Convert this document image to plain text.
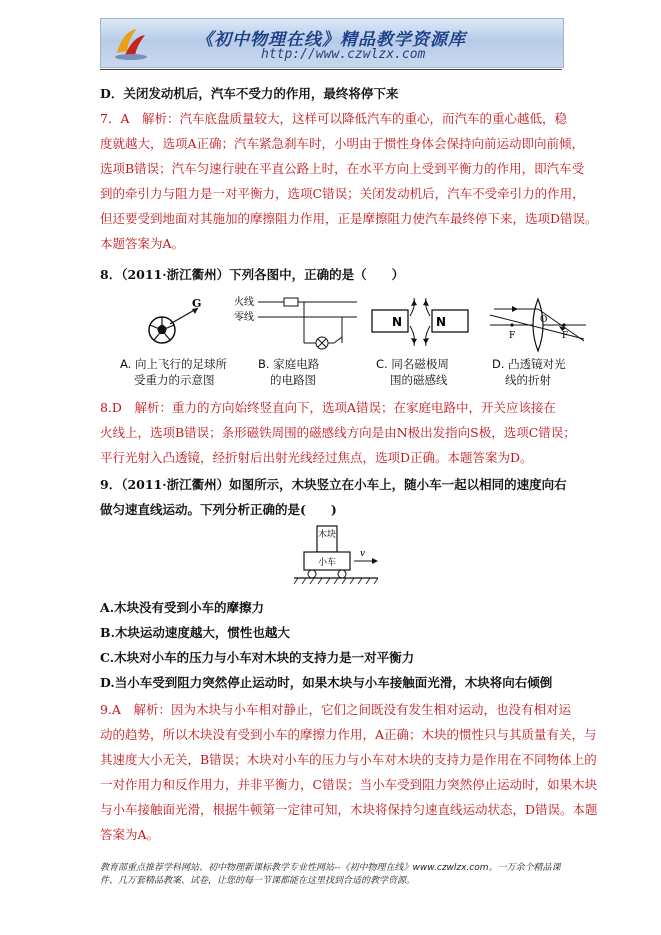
《初中物理在线》精品教学资源库
http://www.czwlzx.com
D．关闭发动机后，汽车不受力的作用，最终将停下来
7．A　解析：汽车底盘质量较大，这样可以降低汽车的重心，而汽车的重心越低，稳
度就越大，选项A正确；汽车紧急刹车时，小明由于惯性身体会保持向前运动即向前倾，
选项B错误；汽车匀速行驶在平直公路上时，在水平方向上受到平衡力的作用，即汽车受
到的牵引力与阻力是一对平衡力，选项C错误；关闭发动机后，汽车不受牵引力的作用，
但还要受到地面对其施加的摩擦阻力作用，正是摩擦阻力使汽车最终停下来，选项D错误。
本题答案为A。
8．（2011·浙江衢州）下列各图中，正确的是（　　）
G	火线
零线	N	N
F
O
F
A. 向上飞行的足球所
受重力的示意图
B. 家庭电路
的电路图
C. 同名磁极周
围的磁感线
D. 凸透镜对光
线的折射
8.D　解析：重力的方向始终竖直向下，选项A错误；在家庭电路中，开关应该接在
火线上，选项B错误；条形磁铁周围的磁感线方向是由N极出发指向S极，选项C错误；
平行光射入凸透镜，经折射后出射光线经过焦点，选项D正确。本题答案为D。
9．（2011·浙江衢州）如图所示，木块竖立在小车上，随小车一起以相同的速度向右
做匀速直线运动。下列分析正确的是(　　)
木块
小车
v
A.木块没有受到小车的摩擦力
B.木块运动速度越大，惯性也越大
C.木块对小车的压力与小车对木块的支持力是一对平衡力
D.当小车受到阻力突然停止运动时，如果木块与小车接触面光滑，木块将向右倾倒
9.A　解析：因为木块与小车相对静止，它们之间既没有发生相对运动，也没有相对运
动的趋势，所以木块没有受到小车的摩擦力作用，A正确；木块的惯性只与其质量有关，与
其速度大小无关，B错误；木块对小车的压力与小车对木块的支持力是作用在不同物体上的
一对作用力和反作用力，并非平衡力，C错误；当小车受到阻力突然停止运动时，如果木块
与小车接触面光滑，根据牛顿第一定律可知，木块将保持匀速直线运动状态，D错误。本题
答案为A。
教育部重点推荐学科网站、初中物理新课标教学专业性网站--《初中物理在线》www.czwlzx.com。一万余个精品课件、几万套精品教案、试卷，让您的每一节课都能在这里找到合适的教学资源。
